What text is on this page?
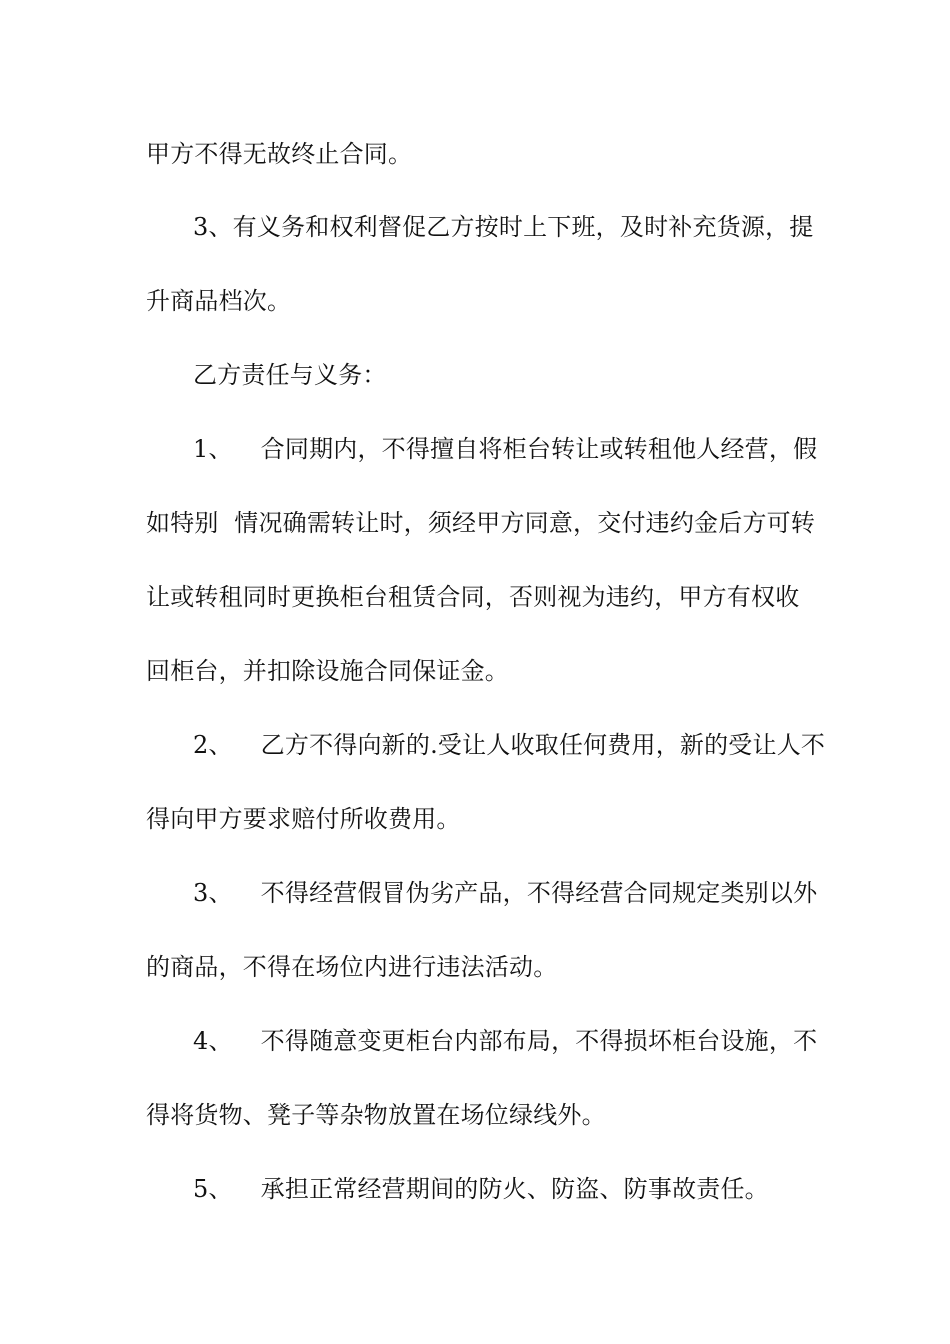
甲方不得无故终止合同。
3、有义务和权利督促乙方按时上下班，及时补充货源，提
升商品档次。
乙方责任与义务：
1、 合同期内，不得擅自将柜台转让或转租他人经营，假
如特别  情况确需转让时，须经甲方同意，交付违约金后方可转
让或转租同时更换柜台租赁合同，否则视为违约，甲方有权收
回柜台，并扣除设施合同保证金。
2、 乙方不得向新的.受让人收取任何费用，新的受让人不
得向甲方要求赔付所收费用。
3、 不得经营假冒伪劣产品，不得经营合同规定类别以外
的商品，不得在场位内进行违法活动。
4、 不得随意变更柜台内部布局，不得损坏柜台设施，不
得将货物、凳子等杂物放置在场位绿线外。
5、 承担正常经营期间的防火、防盗、防事故责任。
